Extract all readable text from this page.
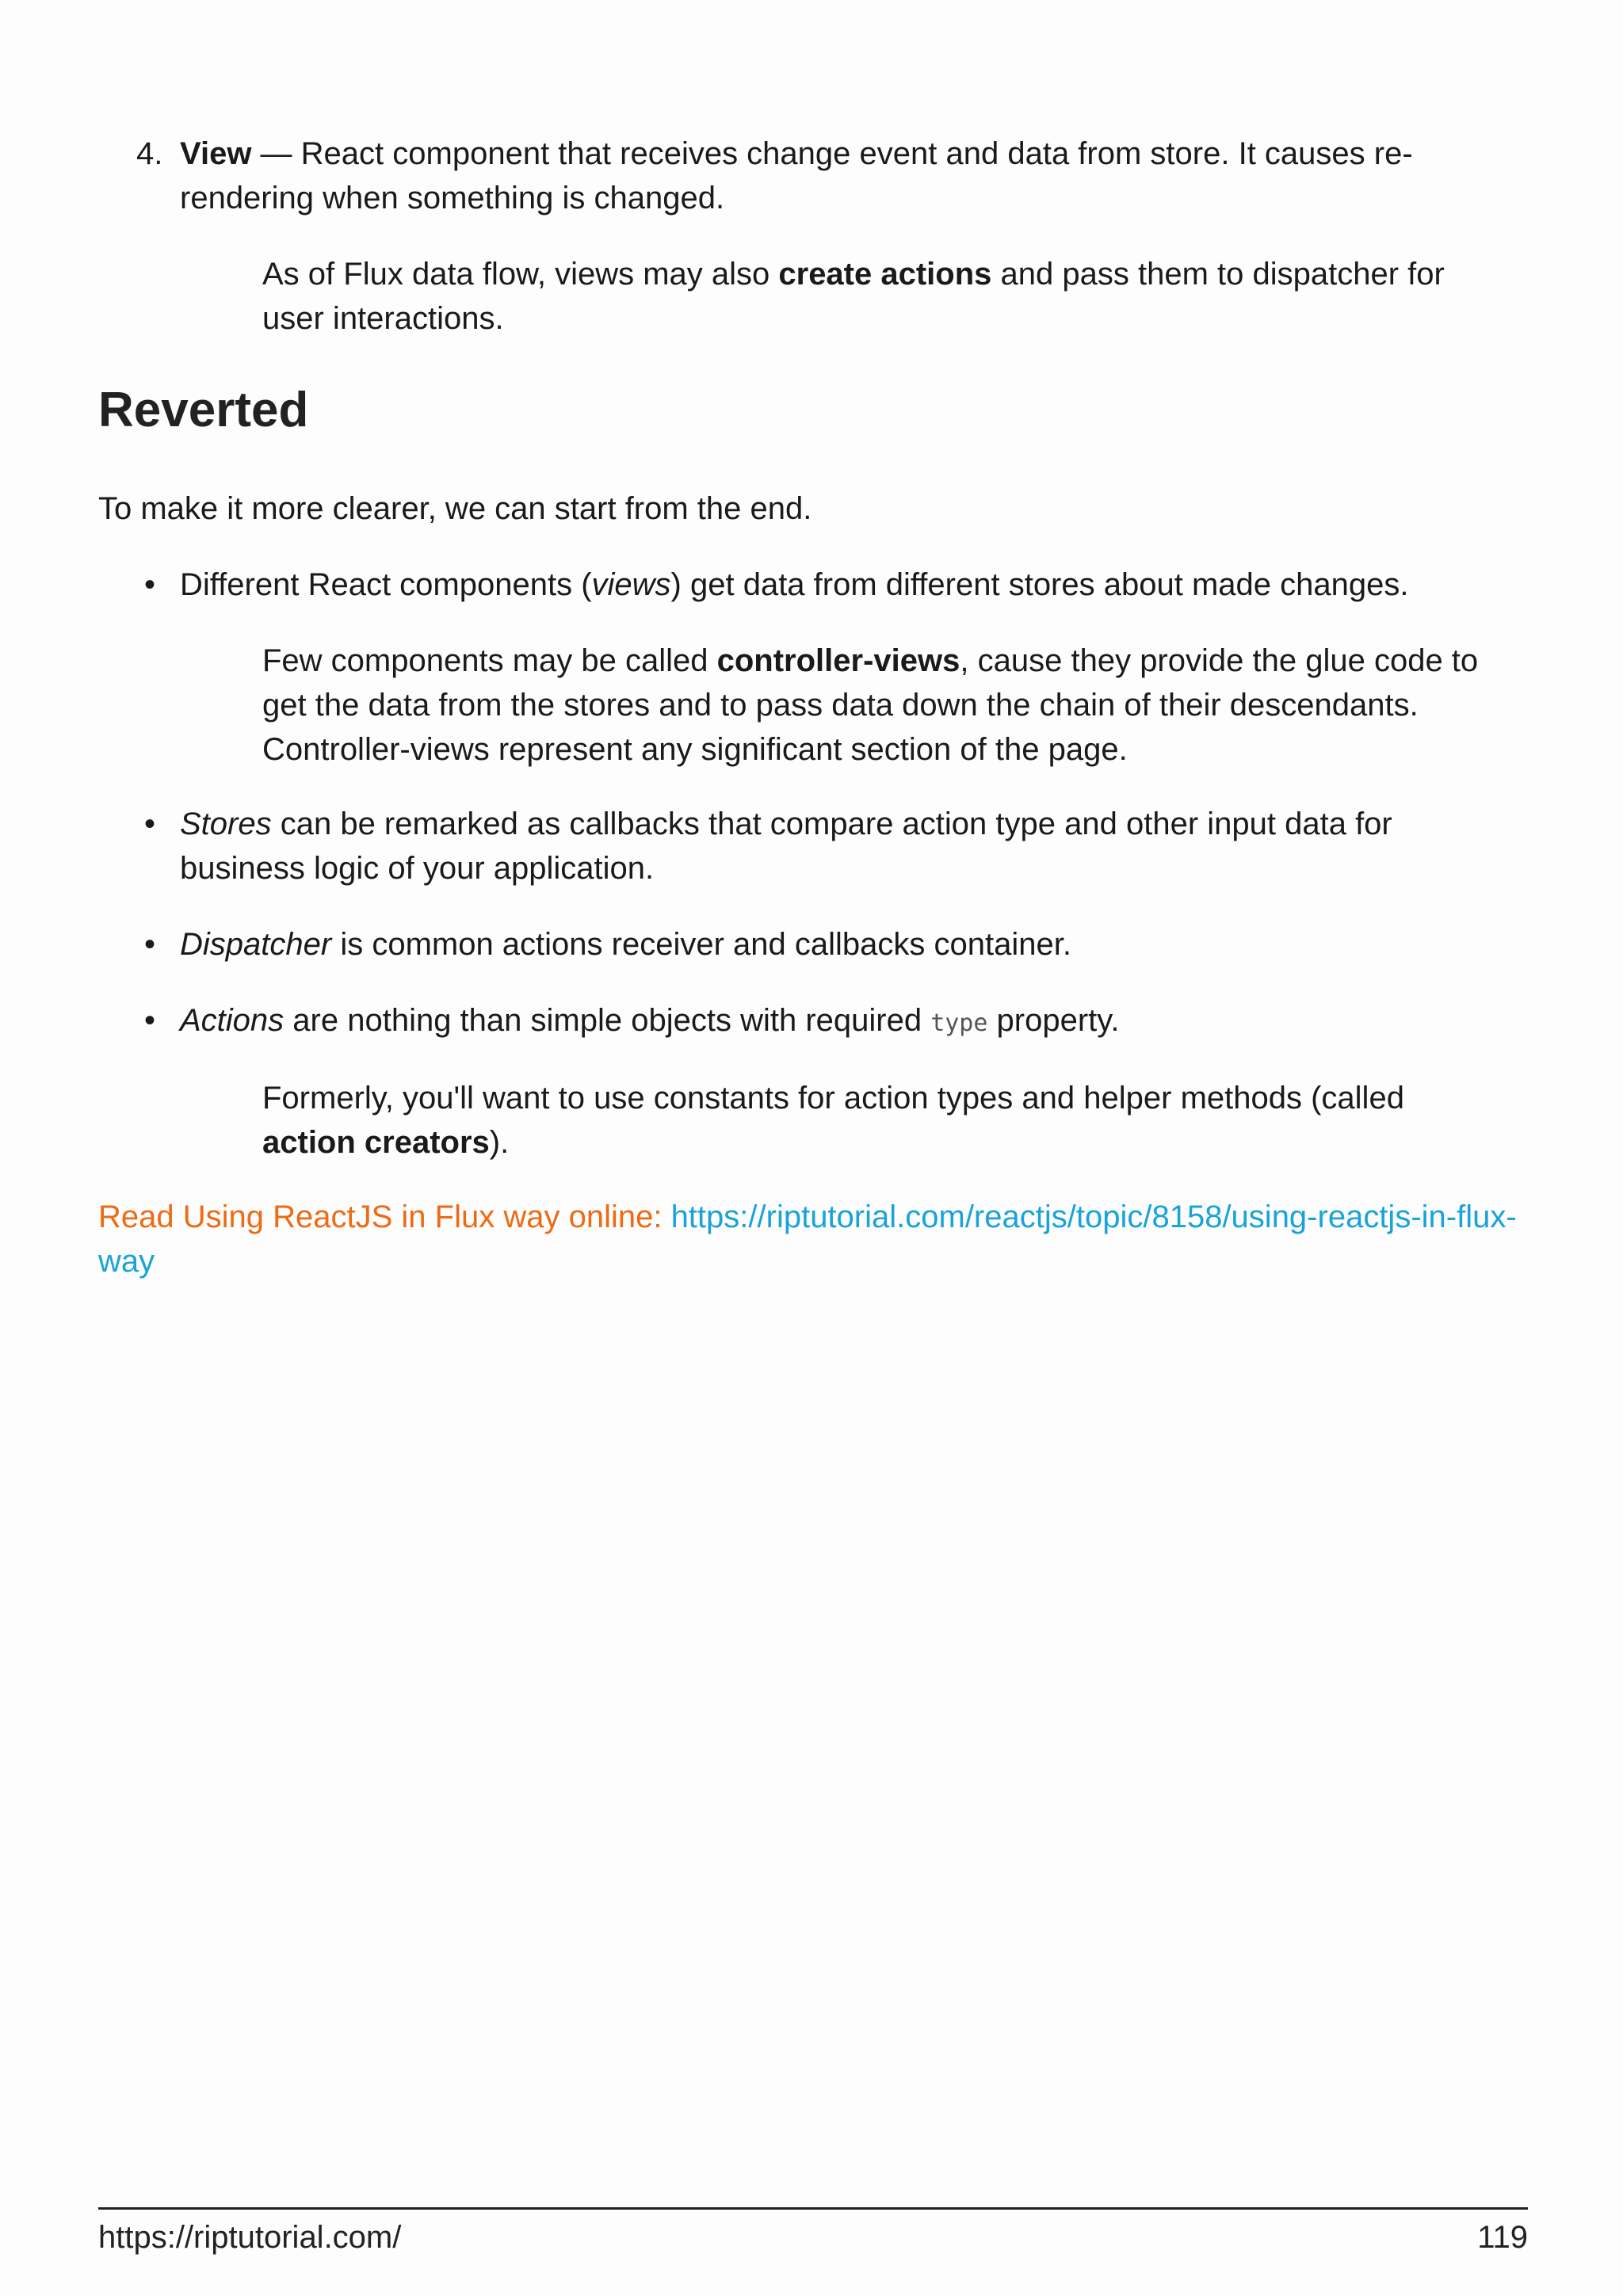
4. View — React component that receives change event and data from store. It causes re-rendering when something is changed.

As of Flux data flow, views may also create actions and pass them to dispatcher for user interactions.

Reverted

To make it more clearer, we can start from the end.

• Different React components (views) get data from different stores about made changes.

Few components may be called controller-views, cause they provide the glue code to get the data from the stores and to pass data down the chain of their descendants. Controller-views represent any significant section of the page.

• Stores can be remarked as callbacks that compare action type and other input data for business logic of your application.

• Dispatcher is common actions receiver and callbacks container.

• Actions are nothing than simple objects with required type property.

Formerly, you'll want to use constants for action types and helper methods (called action creators).

Read Using ReactJS in Flux way online: https://riptutorial.com/reactjs/topic/8158/using-reactjs-in-flux-way

https://riptutorial.com/	119
